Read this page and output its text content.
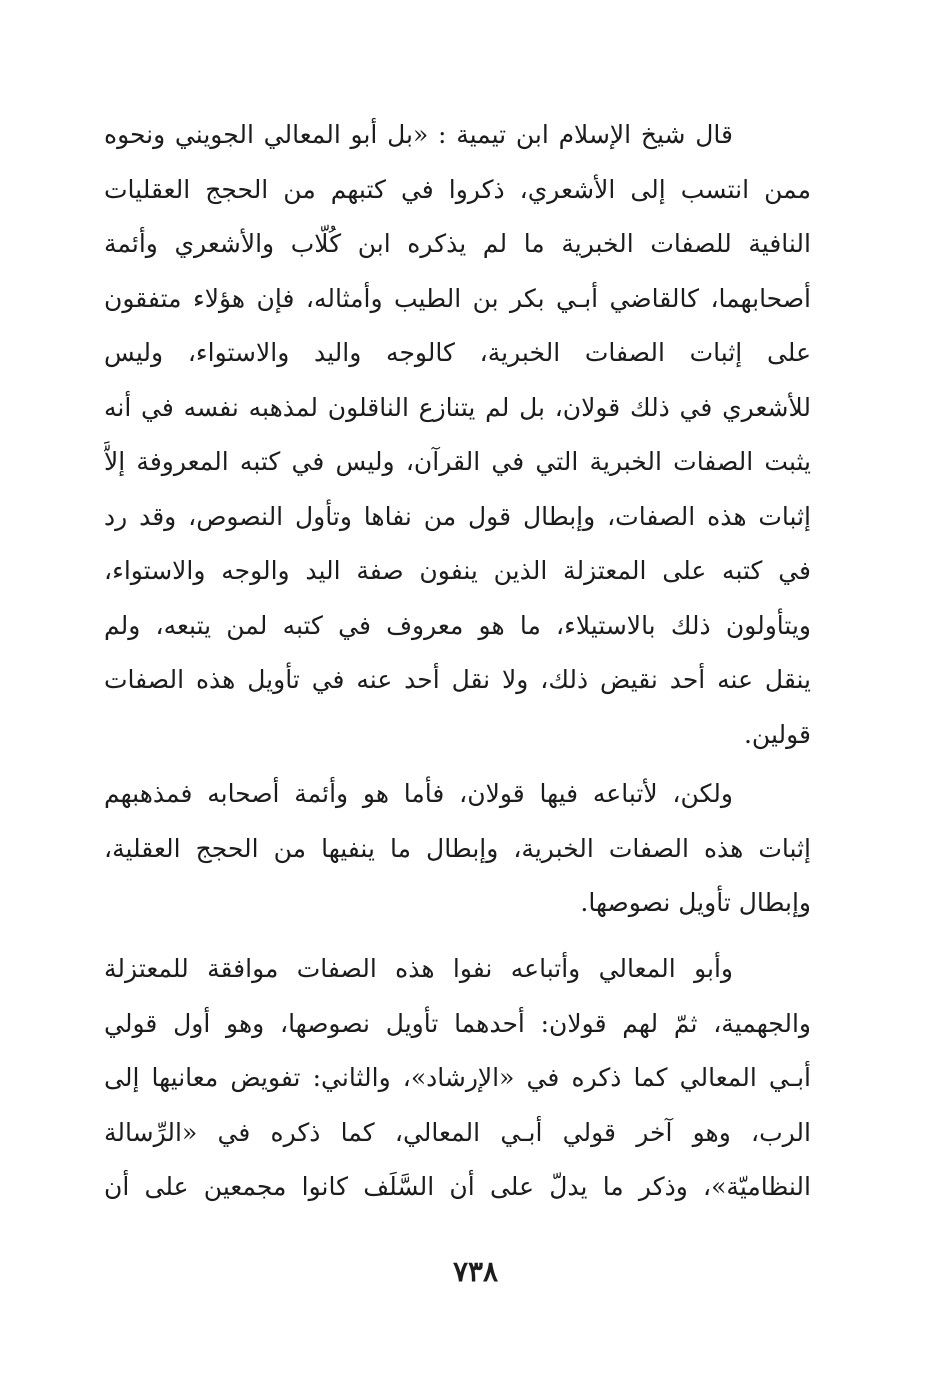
قال شيخ الإسلام ابن تيمية : «بل أبو المعالي الجويني ونحوه
ممن انتسب إلى الأشعري، ذكروا في كتبهم من الحجج العقليات
النافية للصفات الخبرية ما لم يذكره ابن كُلّاب والأشعري وأئمة
أصحابهما، كالقاضي أبـي بكر بن الطيب وأمثاله، فإن هؤلاء متفقون
على إثبات الصفات الخبرية، كالوجه واليد والاستواء، وليس
للأشعري في ذلك قولان، بل لم يتنازع الناقلون لمذهبه نفسه في أنه
يثبت الصفات الخبرية التي في القرآن، وليس في كتبه المعروفة إلاَّ
إثبات هذه الصفات، وإبطال قول من نفاها وتأول النصوص، وقد رد
في كتبه على المعتزلة الذين ينفون صفة اليد والوجه والاستواء،
ويتأولون ذلك بالاستيلاء، ما هو معروف في كتبه لمن يتبعه، ولم
ينقل عنه أحد نقيض ذلك، ولا نقل أحد عنه في تأويل هذه الصفات
قولين.
ولكن، لأتباعه فيها قولان، فأما هو وأئمة أصحابه فمذهبهم
إثبات هذه الصفات الخبرية، وإبطال ما ينفيها من الحجج العقلية،
وإبطال تأويل نصوصها.
وأبو المعالي وأتباعه نفوا هذه الصفات موافقة للمعتزلة
والجهمية، ثمّ لهم قولان: أحدهما تأويل نصوصها، وهو أول قولي
أبـي المعالي كما ذكره في «الإرشاد»، والثاني: تفويض معانيها إلى
الرب، وهو آخر قولي أبـي المعالي، كما ذكره في «الرِّسالة
النظاميّة»، وذكر ما يدلّ على أن السَّلَف كانوا مجمعين على أن
٧٣٨
